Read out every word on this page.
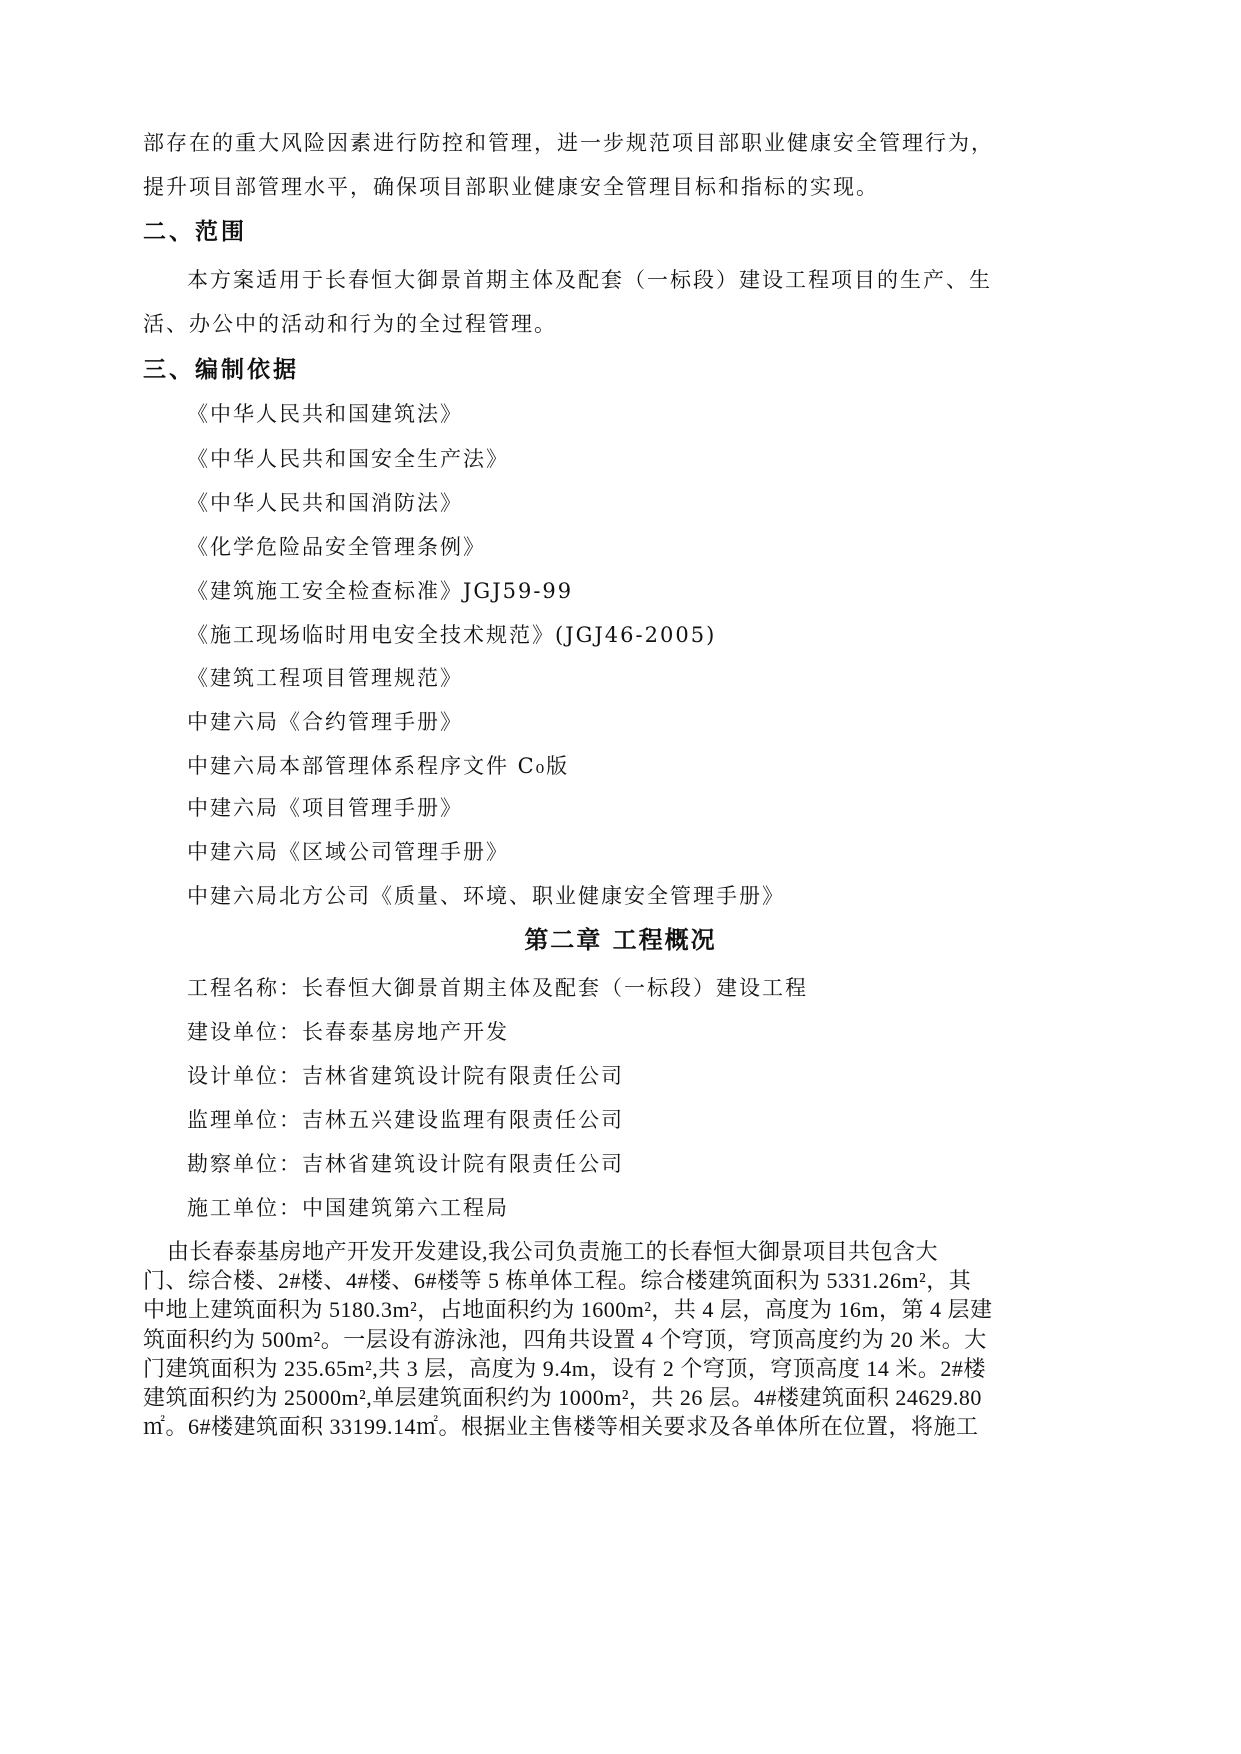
部存在的重大风险因素进行防控和管理，进一步规范项目部职业健康安全管理行为，
提升项目部管理水平，确保项目部职业健康安全管理目标和指标的实现。
二、范围
本方案适用于长春恒大御景首期主体及配套（一标段）建设工程项目的生产、生
活、办公中的活动和行为的全过程管理。
三、编制依据
《中华人民共和国建筑法》
《中华人民共和国安全生产法》
《中华人民共和国消防法》
《化学危险品安全管理条例》
《建筑施工安全检查标准》JGJ59-99
《施工现场临时用电安全技术规范》(JGJ46-2005)
《建筑工程项目管理规范》
中建六局《合约管理手册》
中建六局本部管理体系程序文件 C₀版
中建六局《项目管理手册》
中建六局《区域公司管理手册》
中建六局北方公司《质量、环境、职业健康安全管理手册》
第二章 工程概况
工程名称：长春恒大御景首期主体及配套（一标段）建设工程
建设单位：长春泰基房地产开发
设计单位：吉林省建筑设计院有限责任公司
监理单位：吉林五兴建设监理有限责任公司
勘察单位：吉林省建筑设计院有限责任公司
施工单位：中国建筑第六工程局
由长春泰基房地产开发开发建设,我公司负责施工的长春恒大御景项目共包含大
门、综合楼、2#楼、4#楼、6#楼等 5 栋单体工程。综合楼建筑面积为 5331.26m²，其
中地上建筑面积为 5180.3m²，占地面积约为 1600m²，共 4 层，高度为 16m，第 4 层建
筑面积约为 500m²。一层设有游泳池，四角共设置 4 个穹顶，穹顶高度约为 20 米。大
门建筑面积为 235.65m²,共 3 层，高度为 9.4m，设有 2 个穹顶，穹顶高度 14 米。2#楼
建筑面积约为 25000m²,单层建筑面积约为 1000m²，共 26 层。4#楼建筑面积 24629.80
㎡。6#楼建筑面积 33199.14㎡。根据业主售楼等相关要求及各单体所在位置，将施工
